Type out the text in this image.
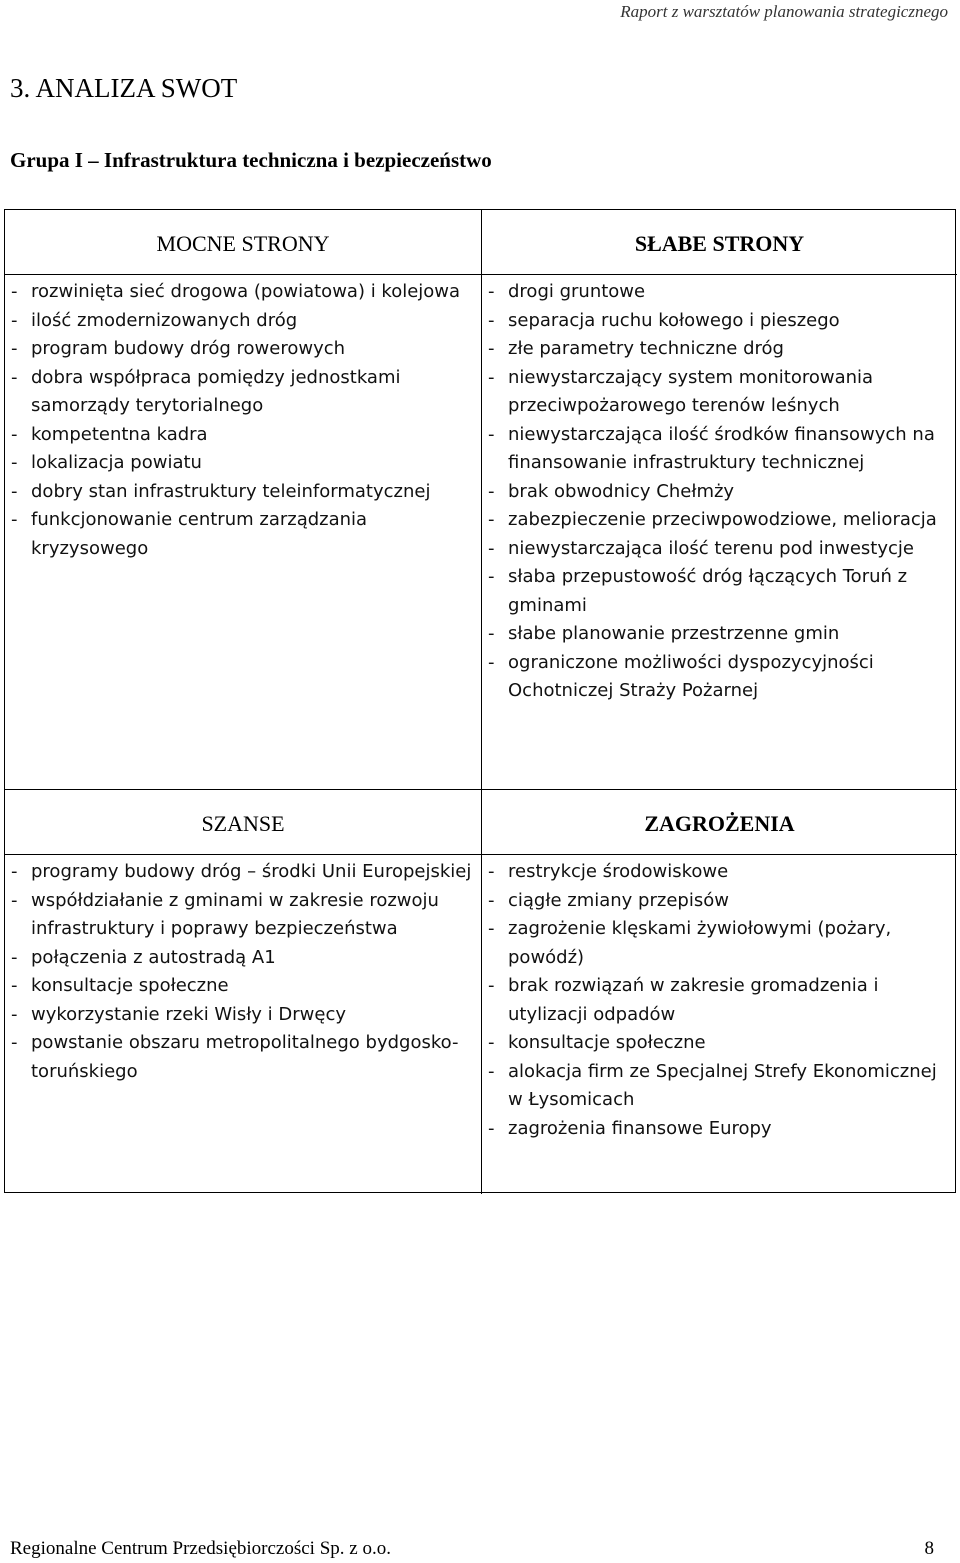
Raport z warsztatów planowania strategicznego
3. ANALIZA SWOT
Grupa I – Infrastruktura techniczna i bezpieczeństwo
MOCNE STRONY
- rozwinięta sieć drogowa (powiatowa) i kolejowa
- ilość zmodernizowanych dróg
- program budowy dróg rowerowych
- dobra współpraca pomiędzy jednostkami samorządy terytorialnego
- kompetentna kadra
- lokalizacja powiatu
- dobry stan infrastruktury teleinformatycznej
- funkcjonowanie centrum zarządzania kryzysowego
SŁABE STRONY
- drogi gruntowe
- separacja ruchu kołowego i pieszego
- złe parametry techniczne dróg
- niewystarczający system monitorowania przeciwpożarowego terenów leśnych
- niewystarczająca ilość środków finansowych na finansowanie infrastruktury technicznej
- brak obwodnicy Chełmży
- zabezpieczenie przeciwpowodziowe, melioracja
- niewystarczająca ilość terenu pod inwestycje
- słaba przepustowość dróg łączących Toruń z gminami
- słabe planowanie przestrzenne gmin
- ograniczone możliwości dyspozycyjności Ochotniczej Straży Pożarnej
SZANSE
- programy budowy dróg – środki Unii Europejskiej
- współdziałanie z gminami w zakresie rozwoju infrastruktury i poprawy bezpieczeństwa
- połączenia z autostradą A1
- konsultacje społeczne
- wykorzystanie rzeki Wisły i Drwęcy
- powstanie obszaru metropolitalnego bydgosko-toruńskiego
ZAGROŻENIA
- restrykcje środowiskowe
- ciągłe zmiany przepisów
- zagrożenie klęskami żywiołowymi (pożary, powódź)
- brak rozwiązań w zakresie gromadzenia i utylizacji odpadów
- konsultacje społeczne
- alokacja firm ze Specjalnej Strefy Ekonomicznej w Łysomicach
- zagrożenia finansowe Europy
Regionalne Centrum Przedsiębiorczości Sp. z o.o.	8
